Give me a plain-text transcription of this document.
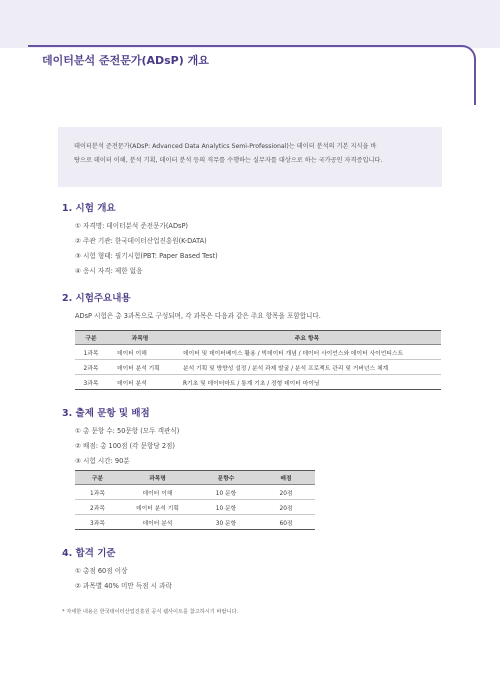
데이터분석 준전문가(ADsP) 개요

데이터분석 준전문가(ADsP: Advanced Data Analytics Semi-Professional)는 데이터 분석의 기본 지식을 바

탕으로 데이터 이해, 분석 기획, 데이터 분석 등의 직무를 수행하는 실무자를 대상으로 하는 국가공인 자격증입니다.

1. 시험 개요
① 자격명: 데이터분석 준전문가(ADsP)
② 주관 기관: 한국데이터산업진흥원(K-DATA)
③ 시험 형태: 필기시험(PBT: Paper Based Test)
④ 응시 자격: 제한 없음
2. 시험주요내용
ADsP 시험은 총 3과목으로 구성되며, 각 과목은 다음과 같은 주요 항목을 포함합니다.
구분	과목명	주요 항목
1과목	데이터 이해	데이터 및 데이터베이스 활용 / 빅데이터 개념 / 데이터 사이언스와 데이터 사이언티스트
2과목	데이터 분석 기획	분석 기획 및 방향성 설정 / 분석 과제 발굴 / 분석 프로젝트 관리 및 거버넌스 체계
3과목	데이터 분석	R기초 및 데이터마트 / 통계 기초 / 정형 데이터 마이닝
3. 출제 문항 및 배점
① 총 문항 수: 50문항 (모두 객관식)
② 배점: 총 100점 (각 문항당 2점)
③ 시험 시간: 90분
구분	과목명	문항수	배점
1과목	데이터 이해	10 문항	20점
2과목	데이터 분석 기획	10 문항	20점
3과목	데이터 분석	30 문항	60점
4. 합격 기준
① 총점 60점 이상
② 과목별 40% 미만 득점 시 과락
* 자세한 내용은 한국데이터산업진흥원 공식 웹사이트를 참고하시기 바랍니다.
